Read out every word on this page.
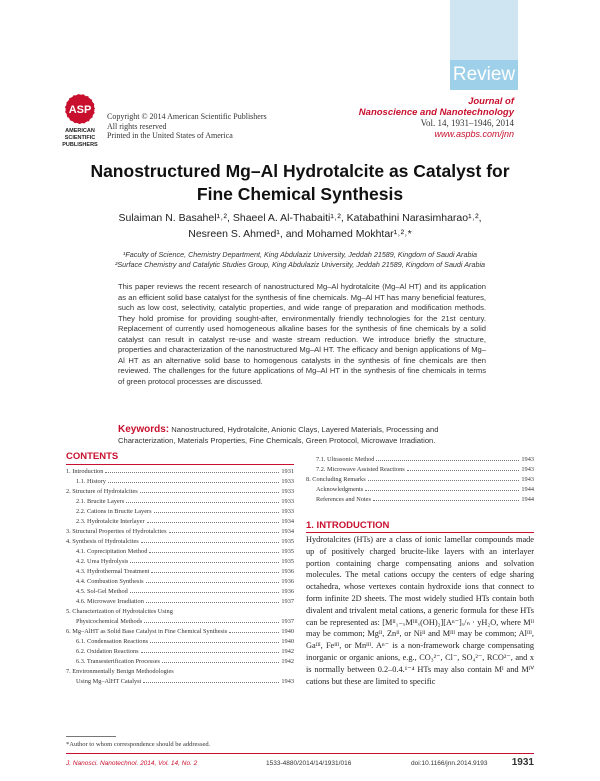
Review
ASP
AMERICAN
SCIENTIFIC
PUBLISHERS
Copyright © 2014 American Scientific Publishers
All rights reserved
Printed in the United States of America
Journal of
Nanoscience and Nanotechnology
Vol. 14, 1931–1946, 2014
www.aspbs.com/jnn
Nanostructured Mg–Al Hydrotalcite as Catalyst for
Fine Chemical Synthesis
Sulaiman N. Basahel¹˒², Shaeel A. Al-Thabaiti¹˒², Katabathini Narasimharao¹˒²,
Nesreen S. Ahmed¹, and Mohamed Mokhtar¹˒²˒*
¹Faculty of Science, Chemistry Department, King Abdulaziz University, Jeddah 21589, Kingdom of Saudi Arabia
²Surface Chemistry and Catalytic Studies Group, King Abdulaziz University, Jeddah 21589, Kingdom of Saudi Arabia
This paper reviews the recent research of nanostructured Mg–Al hydrotalcite (Mg–Al HT) and its application as an efficient solid base catalyst for the synthesis of fine chemicals. Mg–Al HT has many beneficial features, such as low cost, selectivity, catalytic properties, and wide range of preparation and modification methods. They hold promise for providing sought-after, environmentally friendly technologies for the 21st century. Replacement of currently used homogeneous alkaline bases for the synthesis of fine chemicals by a solid catalyst can result in catalyst re-use and waste stream reduction. We introduce briefly the structure, properties and characterization of the nanostructured Mg–Al HT. The efficacy and benign applications of Mg–Al HT as an alternative solid base to homogenous catalysts in the synthesis of fine chemicals are then reviewed. The challenges for the future applications of Mg–Al HT in the synthesis of fine chemicals in terms of green protocol processes are discussed.
Keywords: Nanostructured, Hydrotalcite, Anionic Clays, Layered Materials, Processing and Characterization, Materials Properties, Fine Chemicals, Green Protocol, Microwave Irradiation.
CONTENTS
1. Introduction	1931
1.1. History	1933
2. Structure of Hydrotalcites	1933
2.1. Brucite Layers	1933
2.2. Cations in Brucite Layers	1933
2.3. Hydrotalcite Interlayer	1934
3. Structural Properties of Hydrotalcites	1934
4. Synthesis of Hydrotalcites	1935
4.1. Coprecipitation Method	1935
4.2. Urea Hydrolysis	1935
4.3. Hydrothermal Treatment	1936
4.4. Combustion Synthesis	1936
4.5. Sol-Gel Method	1936
4.6. Microwave Irradiation	1937
5. Characterization of Hydrotalcites Using
Physicochemical Methods	1937
6. Mg–AlHT as Solid Base Catalyst in Fine Chemical Synthesis	1940
6.1. Condensation Reactions	1940
6.2. Oxidation Reactions	1942
6.3. Transesterification Processes	1942
7. Environmentally Benign Methodologies
Using Mg–AlHT Catalyst	1943
7.1. Ultrasonic Method	1943
7.2. Microwave Assisted Reactions	1943
8. Concluding Remarks	1943
Acknowledgments	1944
References and Notes	1944
1. INTRODUCTION
Hydrotalcites (HTs) are a class of ionic lamellar compounds made up of positively charged brucite-like layers with an interlayer portion containing charge compensating anions and solvation molecules. The metal cations occupy the centers of edge sharing octahedra, whose vertexes contain hydroxide ions that connect to form infinite 2D sheets. The most widely studied HTs contain both divalent and trivalent metal cations, a generic formula for these HTs can be represented as: [Mᴵᴵ₁₋ₓMᴵᴵᴵₓ(OH)₂][Aⁿ⁻]ₓ/ₙ · yH₂O, where Mᴵᴵ may be common; Mgᴵᴵ, Znᴵᴵ, or Niᴵᴵ and Mᴵᴵᴵ may be common; Alᴵᴵᴵ, Gaᴵᴵᴵ, Feᴵᴵᴵ, or Mnᴵᴵᴵ. Aⁿ⁻ is a non-framework charge compensating inorganic or organic anions, e.g., CO₃²⁻, Cl⁻, SO₄²⁻, RCO²⁻, and x is normally between 0.2–0.4.¹⁻⁴ HTs may also contain Mᴵ and Mᴵⱽ cations but these are limited to specific
*Author to whom correspondence should be addressed.
J. Nanosci. Nanotechnol. 2014, Vol. 14, No. 2	1533-4880/2014/14/1931/016	doi:10.1166/jnn.2014.9193 1931
